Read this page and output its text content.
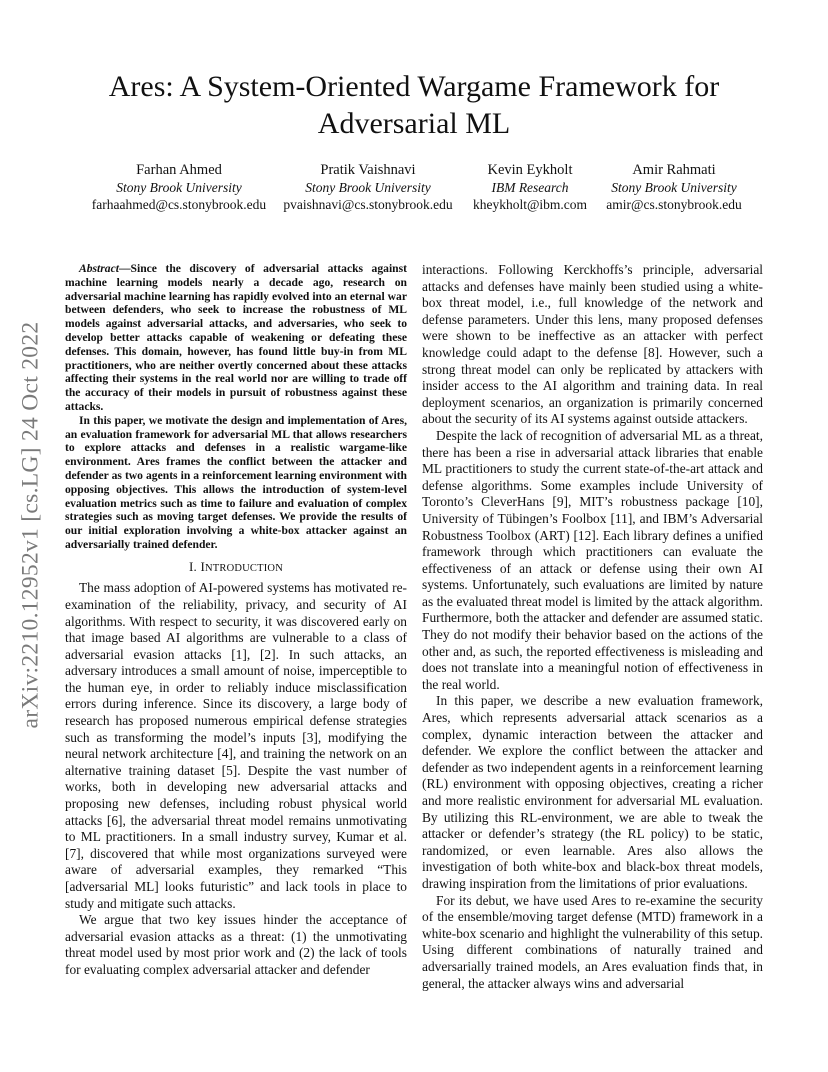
arXiv:2210.12952v1 [cs.LG] 24 Oct 2022
Ares: A System-Oriented Wargame Framework for Adversarial ML
Farhan Ahmed
Stony Brook University
farhaahmed@cs.stonybrook.edu
Pratik Vaishnavi
Stony Brook University
pvaishnavi@cs.stonybrook.edu
Kevin Eykholt
IBM Research
kheykholt@ibm.com
Amir Rahmati
Stony Brook University
amir@cs.stonybrook.edu

Abstract—Since the discovery of adversarial attacks against machine learning models nearly a decade ago, research on adversarial machine learning has rapidly evolved into an eternal war between defenders, who seek to increase the robustness of ML models against adversarial attacks, and adversaries, who seek to develop better attacks capable of weakening or defeating these defenses. This domain, however, has found little buy-in from ML practitioners, who are neither overtly concerned about these attacks affecting their systems in the real world nor are willing to trade off the accuracy of their models in pursuit of robustness against these attacks.

In this paper, we motivate the design and implementation of Ares, an evaluation framework for adversarial ML that allows researchers to explore attacks and defenses in a realistic wargame-like environment. Ares frames the conflict between the attacker and defender as two agents in a reinforcement learning environment with opposing objectives. This allows the introduction of system-level evaluation metrics such as time to failure and evaluation of complex strategies such as moving target defenses. We provide the results of our initial exploration involving a white-box attacker against an adversarially trained defender.

I. INTRODUCTION

The mass adoption of AI-powered systems has motivated re-examination of the reliability, privacy, and security of AI algorithms. With respect to security, it was discovered early on that image based AI algorithms are vulnerable to a class of adversarial evasion attacks [1], [2]. In such attacks, an adversary introduces a small amount of noise, imperceptible to the human eye, in order to reliably induce misclassification errors during inference. Since its discovery, a large body of research has proposed numerous empirical defense strategies such as transforming the model’s inputs [3], modifying the neural network architecture [4], and training the network on an alternative training dataset [5]. Despite the vast number of works, both in developing new adversarial attacks and proposing new defenses, including robust physical world attacks [6], the adversarial threat model remains unmotivating to ML practitioners. In a small industry survey, Kumar et al. [7], discovered that while most organizations surveyed were aware of adversarial examples, they remarked “This [adversarial ML] looks futuristic” and lack tools in place to study and mitigate such attacks.

We argue that two key issues hinder the acceptance of adversarial evasion attacks as a threat: (1) the unmotivating threat model used by most prior work and (2) the lack of tools for evaluating complex adversarial attacker and defender

interactions. Following Kerckhoffs’s principle, adversarial attacks and defenses have mainly been studied using a white-box threat model, i.e., full knowledge of the network and defense parameters. Under this lens, many proposed defenses were shown to be ineffective as an attacker with perfect knowledge could adapt to the defense [8]. However, such a strong threat model can only be replicated by attackers with insider access to the AI algorithm and training data. In real deployment scenarios, an organization is primarily concerned about the security of its AI systems against outside attackers.

Despite the lack of recognition of adversarial ML as a threat, there has been a rise in adversarial attack libraries that enable ML practitioners to study the current state-of-the-art attack and defense algorithms. Some examples include University of Toronto’s CleverHans [9], MIT’s robustness package [10], University of Tübingen’s Foolbox [11], and IBM’s Adversarial Robustness Toolbox (ART) [12]. Each library defines a unified framework through which practitioners can evaluate the effectiveness of an attack or defense using their own AI systems. Unfortunately, such evaluations are limited by nature as the evaluated threat model is limited by the attack algorithm. Furthermore, both the attacker and defender are assumed static. They do not modify their behavior based on the actions of the other and, as such, the reported effectiveness is misleading and does not translate into a meaningful notion of effectiveness in the real world.

In this paper, we describe a new evaluation framework, Ares, which represents adversarial attack scenarios as a complex, dynamic interaction between the attacker and defender. We explore the conflict between the attacker and defender as two independent agents in a reinforcement learning (RL) environment with opposing objectives, creating a richer and more realistic environment for adversarial ML evaluation. By utilizing this RL-environment, we are able to tweak the attacker or defender’s strategy (the RL policy) to be static, randomized, or even learnable. Ares also allows the investigation of both white-box and black-box threat models, drawing inspiration from the limitations of prior evaluations.

For its debut, we have used Ares to re-examine the security of the ensemble/moving target defense (MTD) framework in a white-box scenario and highlight the vulnerability of this setup. Using different combinations of naturally trained and adversarially trained models, an Ares evaluation finds that, in general, the attacker always wins and adversarial
